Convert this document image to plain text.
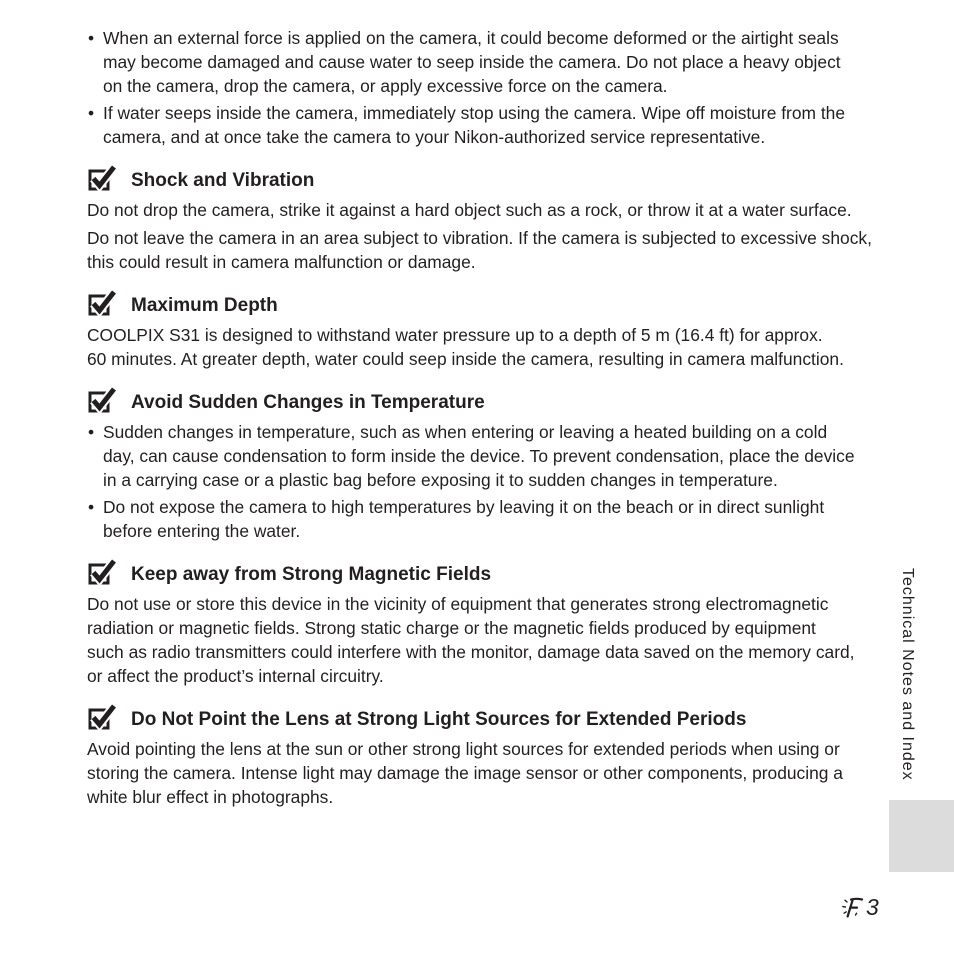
• When an external force is applied on the camera, it could become deformed or the airtight seals
may become damaged and cause water to seep inside the camera. Do not place a heavy object
on the camera, drop the camera, or apply excessive force on the camera.
• If water seeps inside the camera, immediately stop using the camera. Wipe off moisture from the
camera, and at once take the camera to your Nikon-authorized service representative.
Shock and Vibration
Do not drop the camera, strike it against a hard object such as a rock, or throw it at a water surface.
Do not leave the camera in an area subject to vibration. If the camera is subjected to excessive shock,
this could result in camera malfunction or damage.
Maximum Depth
COOLPIX S31 is designed to withstand water pressure up to a depth of 5 m (16.4 ft) for approx.
60 minutes. At greater depth, water could seep inside the camera, resulting in camera malfunction.
Avoid Sudden Changes in Temperature
• Sudden changes in temperature, such as when entering or leaving a heated building on a cold
day, can cause condensation to form inside the device. To prevent condensation, place the device
in a carrying case or a plastic bag before exposing it to sudden changes in temperature.
• Do not expose the camera to high temperatures by leaving it on the beach or in direct sunlight
before entering the water.
Keep away from Strong Magnetic Fields
Do not use or store this device in the vicinity of equipment that generates strong electromagnetic
radiation or magnetic fields. Strong static charge or the magnetic fields produced by equipment
such as radio transmitters could interfere with the monitor, damage data saved on the memory card,
or affect the product’s internal circuitry.
Do Not Point the Lens at Strong Light Sources for Extended Periods
Avoid pointing the lens at the sun or other strong light sources for extended periods when using or
storing the camera. Intense light may damage the image sensor or other components, producing a
white blur effect in photographs.
Technical Notes and Index
3
